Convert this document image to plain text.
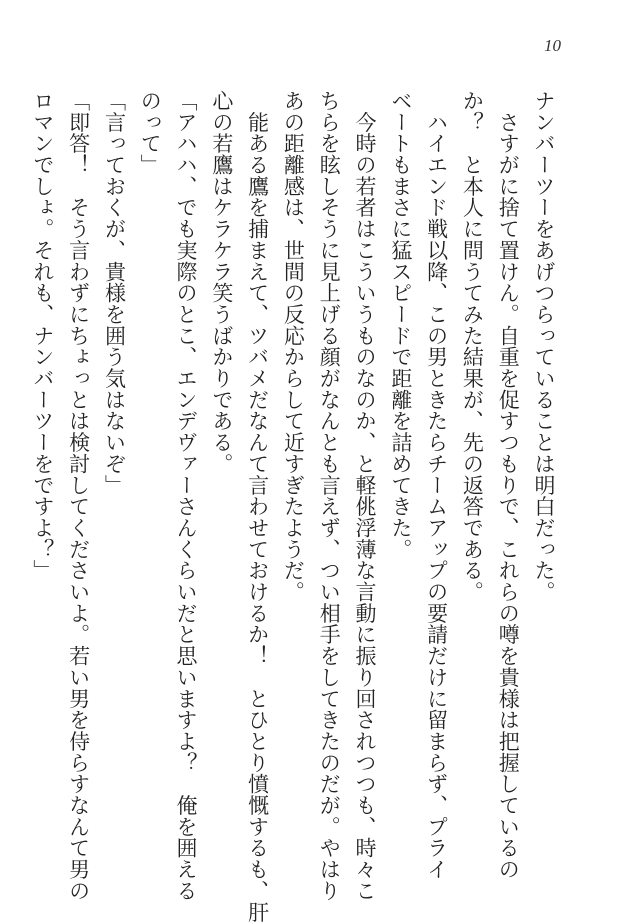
10
ナンバーツーをあげつらっていることは明白だった。
　さすがに捨て置けん。自重を促すつもりで、これらの噂を貴様は把握しているの
か？　と本人に問うてみた結果が、先の返答である。
　ハイエンド戦以降、この男ときたらチームアップの要請だけに留まらず、プライ
ベートもまさに猛スピードで距離を詰めてきた。
　今時の若者はこういうものなのか、と軽佻浮薄な言動に振り回されつつも、時々こ
ちらを眩しそうに見上げる顔がなんとも言えず、つい相手をしてきたのだが。やはり
あの距離感は、世間の反応からして近すぎたようだ。
　能ある鷹を捕まえて、ツバメだなんて言わせておけるか！　とひとり憤慨するも、肝
心の若鷹はケラケラ笑うばかりである。
「アハハ、でも実際のとこ、エンデヴァーさんくらいだと思いますよ？　俺を囲える
のって」
「言っておくが、貴様を囲う気はないぞ」
「即答！　そう言わずにちょっとは検討してくださいよ。若い男を侍らすなんて男の
ロマンでしょ。それも、ナンバーツーをですよ？」
